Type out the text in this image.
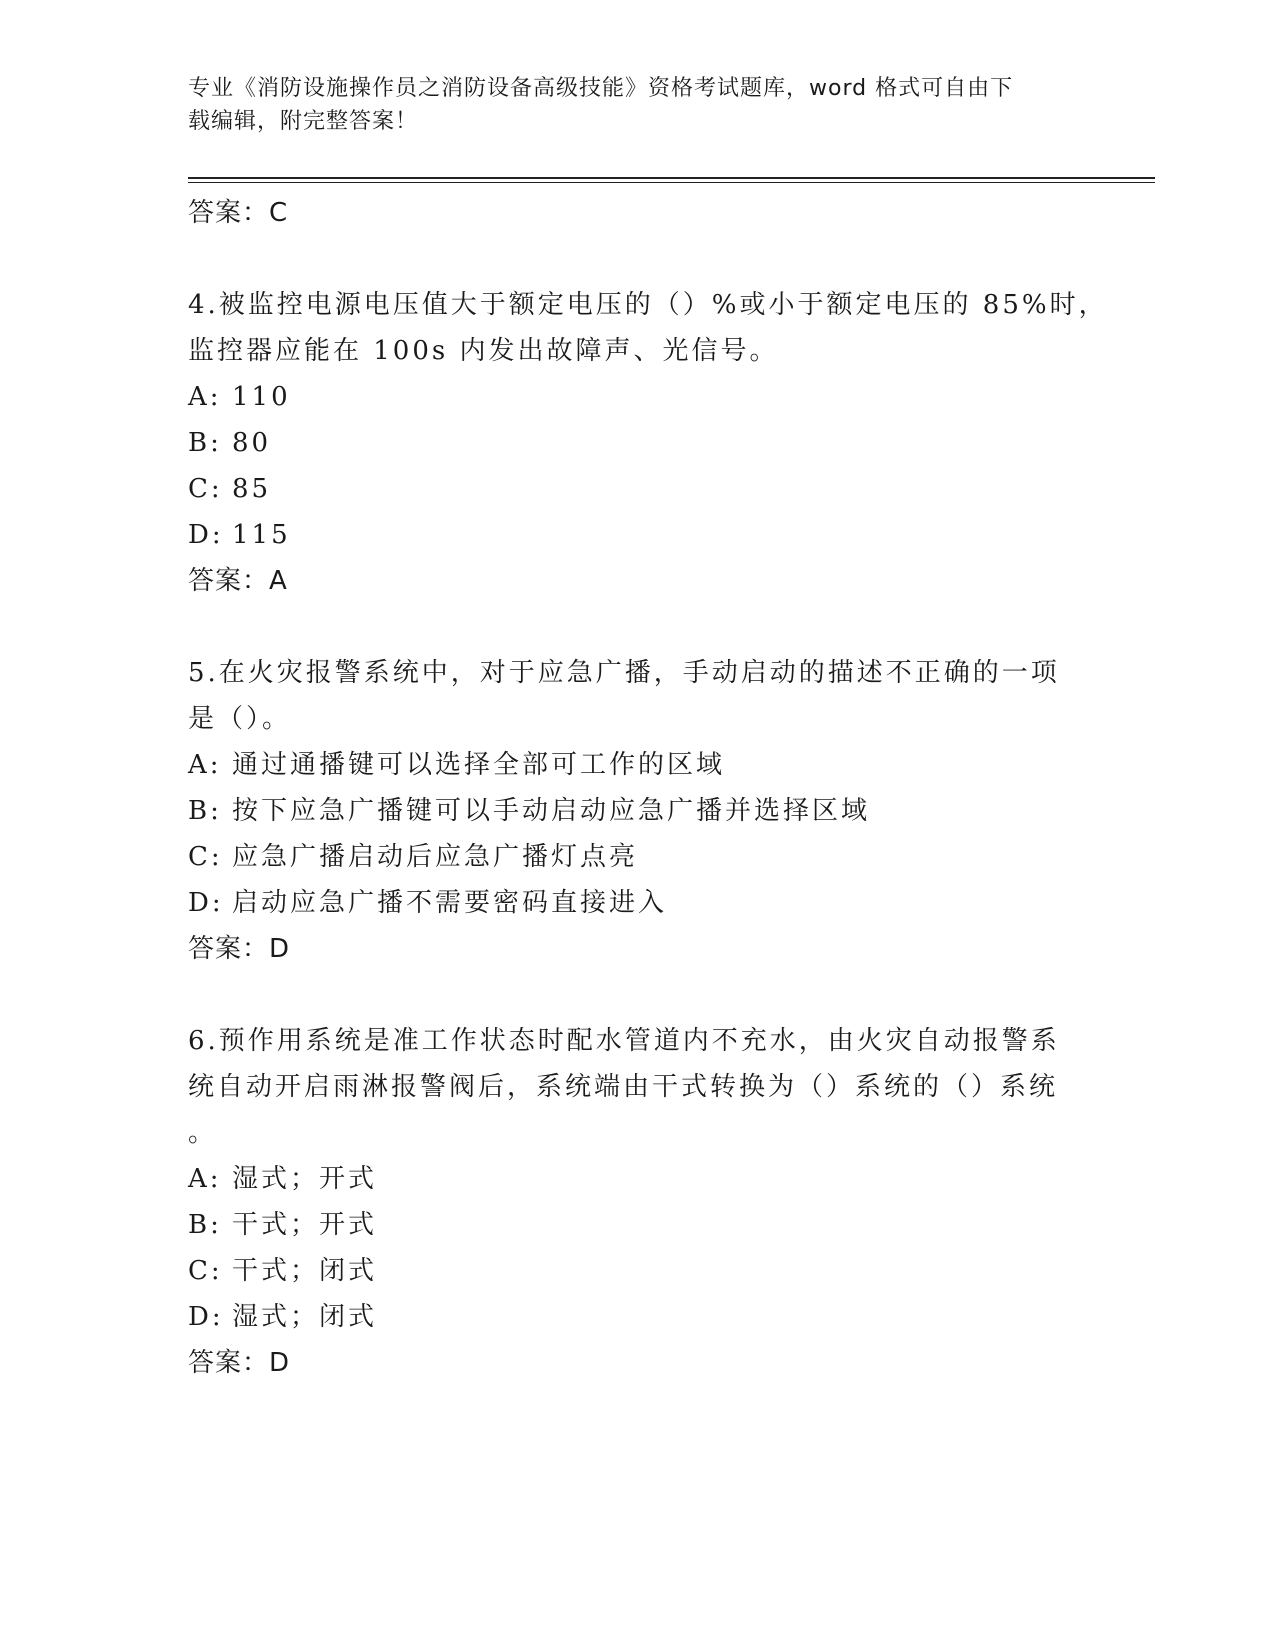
专业《消防设施操作员之消防设备高级技能》资格考试题库，word 格式可自由下
载编辑，附完整答案！
答案：C
4.被监控电源电压值大于额定电压的（）%或小于额定电压的 85%时，
监控器应能在 100s 内发出故障声、光信号。
A: 110
B: 80
C: 85
D: 115
答案：A
5.在火灾报警系统中，对于应急广播，手动启动的描述不正确的一项
是（）。
A: 通过通播键可以选择全部可工作的区域
B: 按下应急广播键可以手动启动应急广播并选择区域
C: 应急广播启动后应急广播灯点亮
D: 启动应急广播不需要密码直接进入
答案：D
6.预作用系统是准工作状态时配水管道内不充水，由火灾自动报警系
统自动开启雨淋报警阀后，系统端由干式转换为（）系统的（）系统
。
A: 湿式；开式
B: 干式；开式
C: 干式；闭式
D: 湿式；闭式
答案：D
